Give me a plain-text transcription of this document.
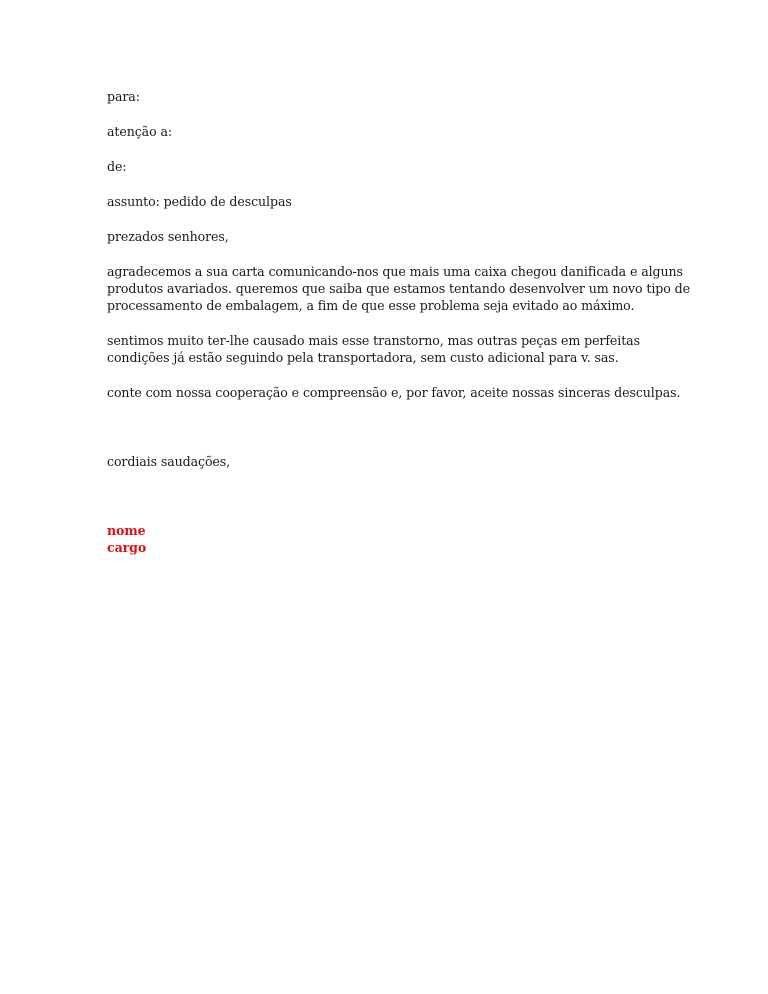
para:
atenção a:
de:
assunto: pedido de desculpas
prezados senhores,
agradecemos a sua carta comunicando-nos que mais uma caixa chegou danificada e alguns
produtos avariados. queremos que saiba que estamos tentando desenvolver um novo tipo de
processamento de embalagem, a fim de que esse problema seja evitado ao máximo.
sentimos muito ter-lhe causado mais esse transtorno, mas outras peças em perfeitas
condições já estão seguindo pela transportadora, sem custo adicional para v. sas.
conte com nossa cooperação e compreensão e, por favor, aceite nossas sinceras desculpas.
cordiais saudações,
nome
cargo
